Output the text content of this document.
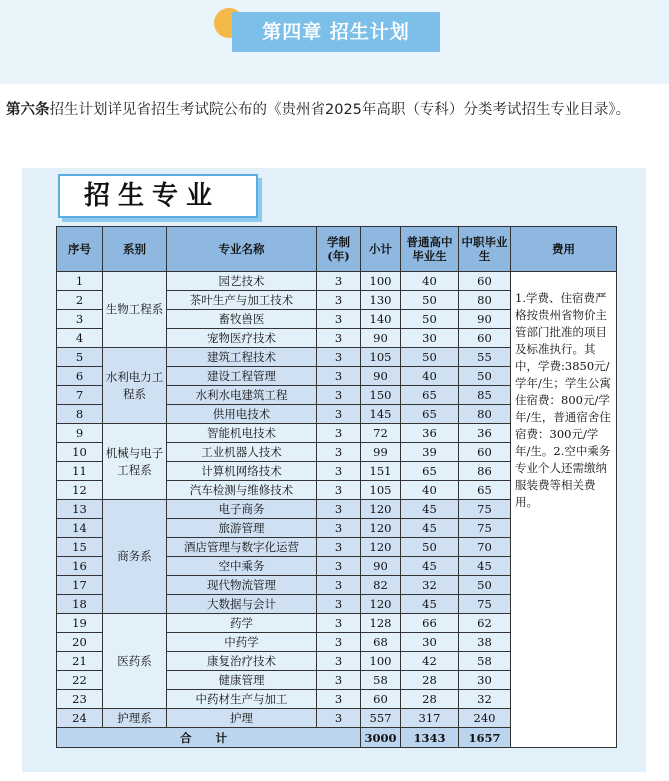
第四章 招生计划
第六条招生计划详见省招生考试院公布的《贵州省2025年高职（专科）分类考试招生专业目录》。
招生专业
序号	系别	专业名称	学制(年)	小计	普通高中毕业生	中职毕业生	费用
1	生物工程系	园艺技术	3	100	40	60	1.学费、住宿费严格按贵州省物价主管部门批准的项目及标准执行。其中，学费:3850元/学年/生；学生公寓住宿费：800元/学年/生，普通宿舍住宿费：300元/学年/生。2.空中乘务专业个人还需缴纳服装费等相关费用。
2		茶叶生产与加工技术	3	130	50	80	
3		畜牧兽医	3	140	50	90	
4		宠物医疗技术	3	90	30	60	
5	水利电力工程系	建筑工程技术	3	105	50	55	
6		建设工程管理	3	90	40	50	
7		水利水电建筑工程	3	150	65	85	
8		供用电技术	3	145	65	80	
9	机械与电子工程系	智能机电技术	3	72	36	36	
10		工业机器人技术	3	99	39	60	
11		计算机网络技术	3	151	65	86	
12		汽车检测与维修技术	3	105	40	65	
13	商务系	电子商务	3	120	45	75	
14		旅游管理	3	120	45	75	
15		酒店管理与数字化运营	3	120	50	70	
16		空中乘务	3	90	45	45	
17		现代物流管理	3	82	32	50	
18		大数据与会计	3	120	45	75	
19	医药系	药学	3	128	66	62	
20		中药学	3	68	30	38	
21		康复治疗技术	3	100	42	58	
22		健康管理	3	58	28	30	
23		中药材生产与加工	3	60	28	32	
24	护理系	护理	3	557	317	240	
合 计				3000	1343	1657	
